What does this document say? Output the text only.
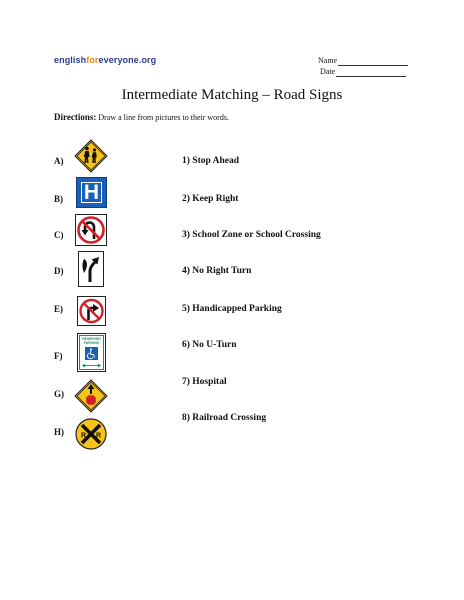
englishforeveryone.org	Name
Date
Intermediate Matching – Road Signs
Directions: Draw a line from pictures to their words.
A)
B)
C)
D)
E)
F)
G)
H)
1) Stop Ahead
2) Keep Right
3) School Zone or School Crossing
4) No Right Turn
5) Handicapped Parking
6) No U-Turn
7) Hospital
8) Railroad Crossing
H
RESERVED
PARKING
R R
